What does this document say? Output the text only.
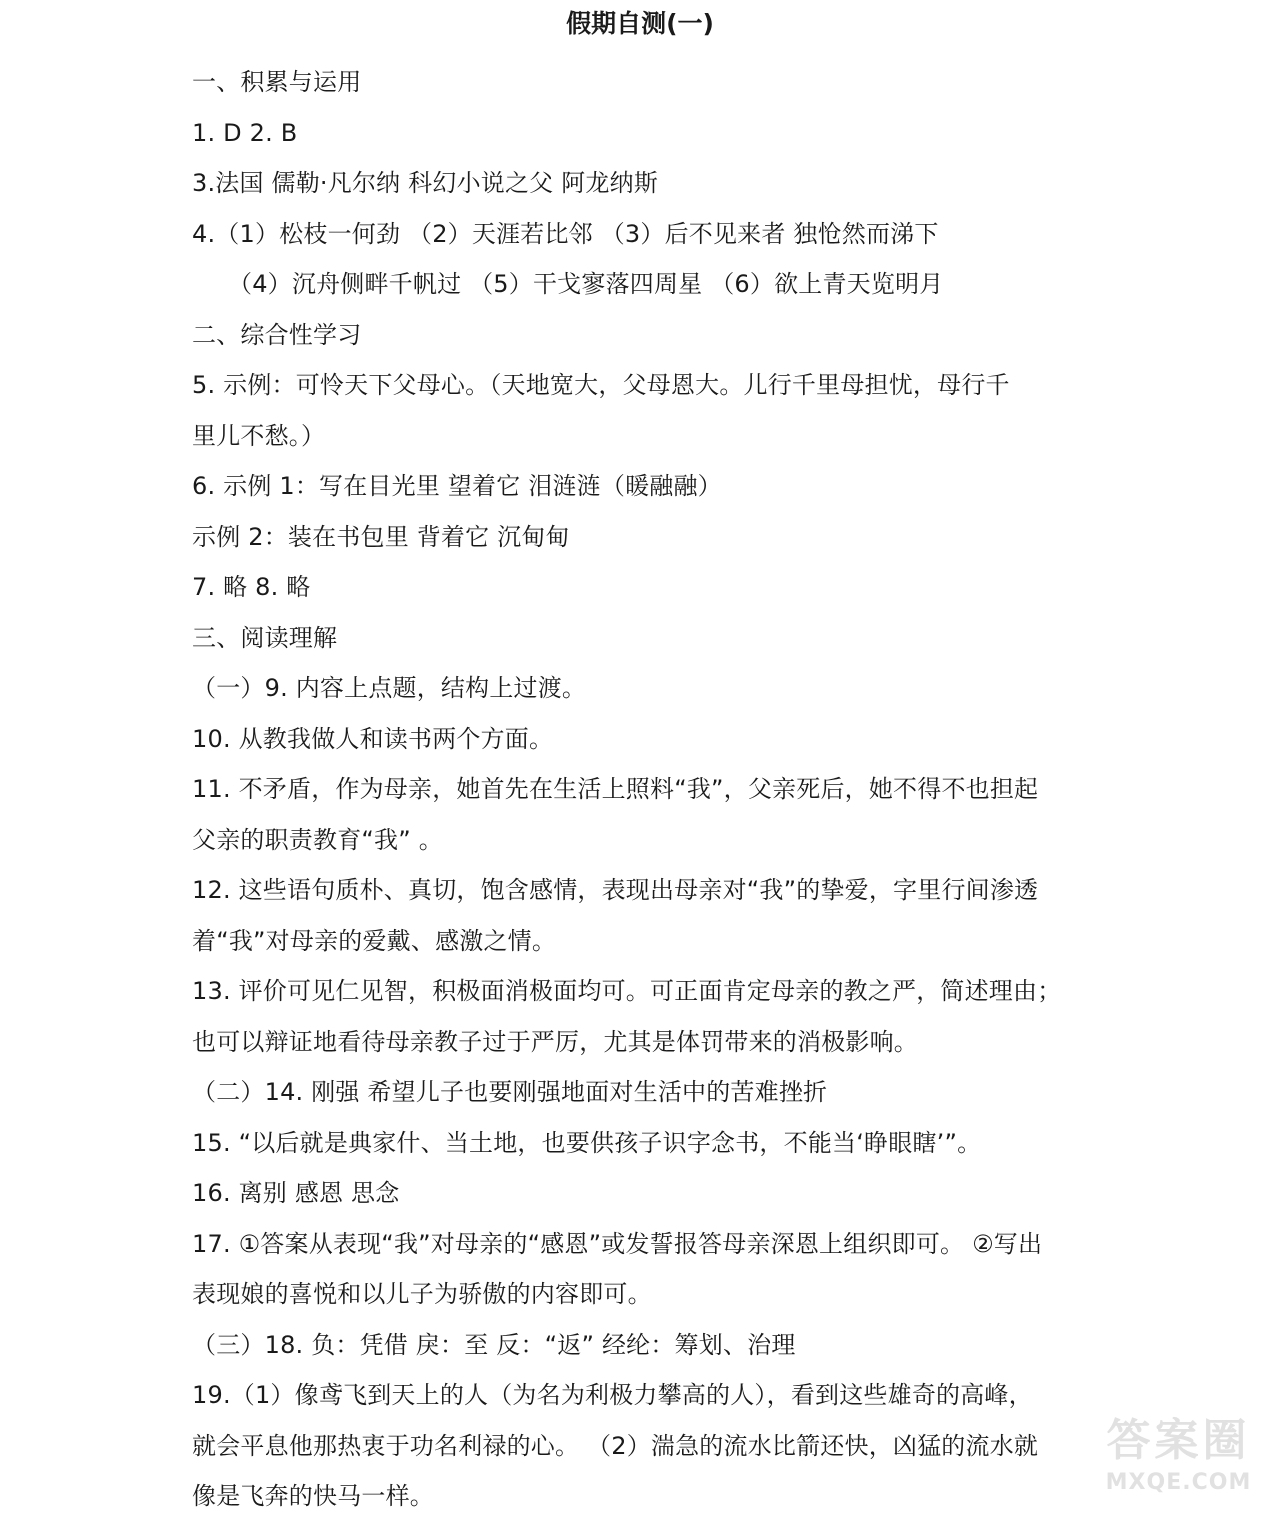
假期自测(一)
一、积累与运用
1. D 2. B
3.法国 儒勒·凡尔纳 科幻小说之父 阿龙纳斯
4.（1）松枝一何劲 （2）天涯若比邻 （3）后不见来者 独怆然而涕下
（4）沉舟侧畔千帆过 （5）干戈寥落四周星 （6）欲上青天览明月
二、综合性学习
5. 示例：可怜天下父母心。（天地宽大，父母恩大。儿行千里母担忧，母行千
里儿不愁。）
6. 示例 1：写在目光里 望着它 泪涟涟（暖融融）
示例 2：装在书包里 背着它 沉甸甸
7. 略 8. 略
三、阅读理解
（一）9. 内容上点题，结构上过渡。
10. 从教我做人和读书两个方面。
11. 不矛盾，作为母亲，她首先在生活上照料“我”，父亲死后，她不得不也担起
父亲的职责教育“我” 。
12. 这些语句质朴、真切，饱含感情，表现出母亲对“我”的挚爱，字里行间渗透
着“我”对母亲的爱戴、感激之情。
13. 评价可见仁见智，积极面消极面均可。可正面肯定母亲的教之严，简述理由；
也可以辩证地看待母亲教子过于严厉，尤其是体罚带来的消极影响。
（二）14. 刚强 希望儿子也要刚强地面对生活中的苦难挫折
15. “以后就是典家什、当土地，也要供孩子识字念书，不能当‘睁眼瞎’”。
16. 离别 感恩 思念
17. ①答案从表现“我”对母亲的“感恩”或发誓报答母亲深恩上组织即可。 ②写出
表现娘的喜悦和以儿子为骄傲的内容即可。
（三）18. 负：凭借 戾：至 反：“返” 经纶：筹划、治理
19.（1）像鸢飞到天上的人（为名为利极力攀高的人），看到这些雄奇的高峰，
就会平息他那热衷于功名利禄的心。 （2）湍急的流水比箭还快，凶猛的流水就
像是飞奔的快马一样。
答案圈
MXQE.COM
